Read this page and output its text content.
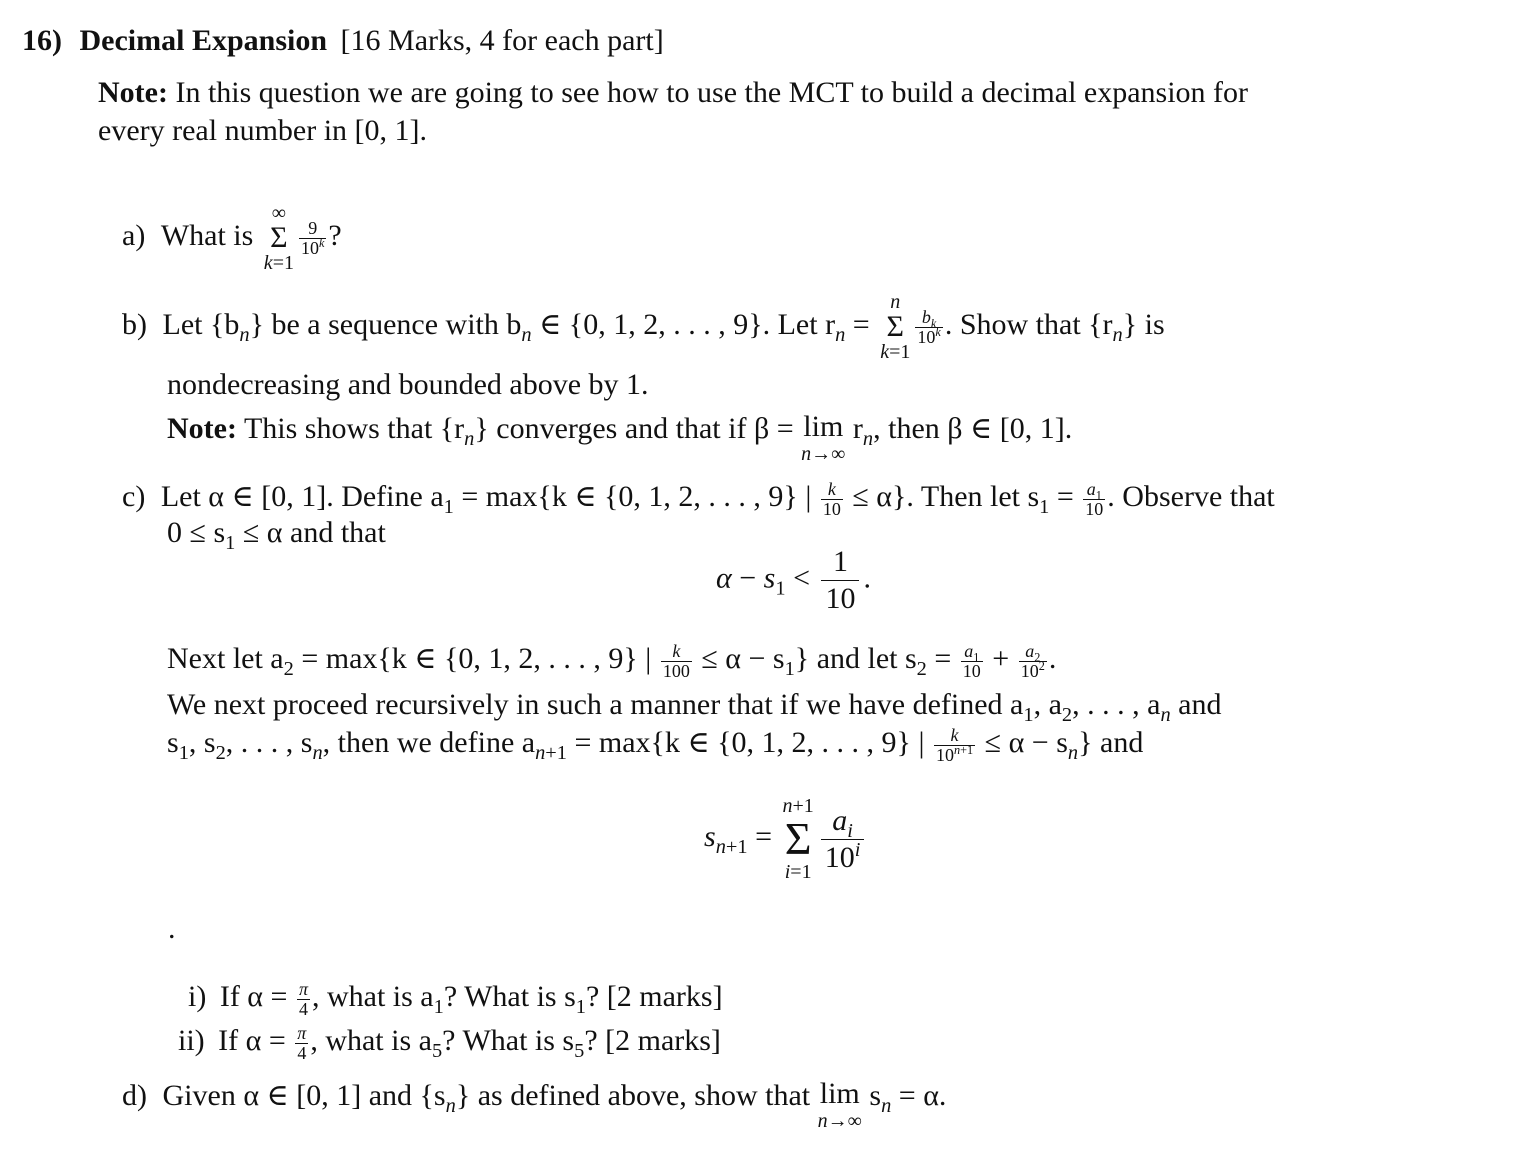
16) Decimal Expansion [16 Marks, 4 for each part]
Note: In this question we are going to see how to use the MCT to build a decimal expansion for
every real number in [0, 1].
a) What is
∞
Σ
k=1
$\frac{9}{10^k}$ ?
b) Let $\{b_n\}$ be a sequence with $b_n$ ∈ {0, 1, 2, . . . , 9}. Let $r_n$ =
n
Σ
k=1
$\frac{b_k}{10^k}$ . Show that $\{r_n\}$ is
nondecreasing and bounded above by 1.
Note: This shows that $\{r_n\}$ converges and that if β = lim
n→∞
$r_n$, then β ∈ [0, 1].
c) Let α ∈ [0, 1]. Define $a_1 = \max\{k$ ∈ {0, 1, 2, . . . , 9} | $\frac{k}{10} \le \alpha$}. Then let $s_1 = \frac{a_1}{10}$ . Observe that
$0 \le s_1 \le \alpha$ and that
$\alpha - s_1 < \frac{1}{10}$ .
Next let $a_2 = \max\{k$ ∈ {0, 1, 2, . . . , 9} | $\frac{k}{100} \le \alpha - s_1$} and let $s_2 = \frac{a_1}{10} + \frac{a_2}{10^2}$ .
We next proceed recursively in such a manner that if we have defined $a_1$, $a_2$, . . . , $a_n$ and
$s_1$, $s_2$, . . . , $s_n$, then we define $a_{n+1} = \max\{k$ ∈ {0, 1, 2, . . . , 9} | $\frac{k}{10^{n+1}} \le \alpha - s_n$} and
$s_{n+1}$ =
n+1
Σ
$i=1 \frac{a_i}{10^i}$
.
i) If $\alpha = \frac{\pi}{4}$ , what is $a_1$? What is $s_1$? [2 marks]
ii) If $\alpha = \frac{\pi}{4}$ , what is $a_5$? What is $s_5$? [2 marks]
d) Given α ∈ [0, 1] and $\{s_n\}$ as defined above, show that lim
n→∞
$s_n = \alpha$.
